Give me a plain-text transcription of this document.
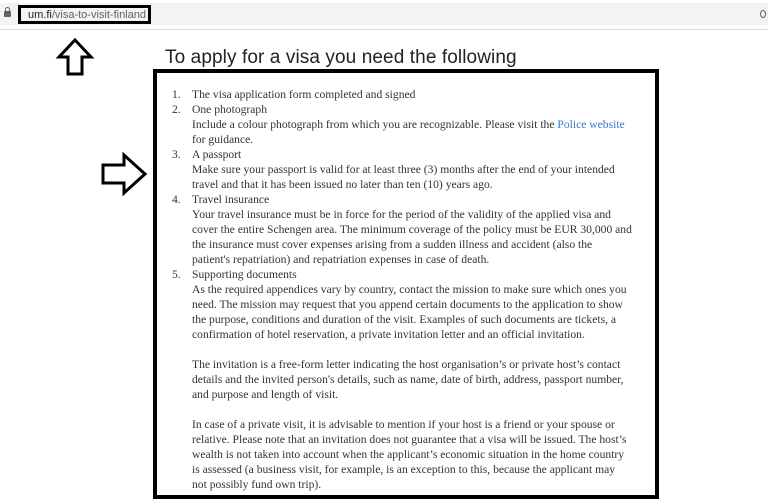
um.fi/visa-to-visit-finland
To apply for a visa you need the following
1. The visa application form completed and signed
2. One photograph
Include a colour photograph from which you are recognizable. Please visit the Police website for guidance.
3. A passport
Make sure your passport is valid for at least three (3) months after the end of your intended travel and that it has been issued no later than ten (10) years ago.
4. Travel insurance
Your travel insurance must be in force for the period of the validity of the applied visa and cover the entire Schengen area. The minimum coverage of the policy must be EUR 30,000 and the insurance must cover expenses arising from a sudden illness and accident (also the patient's repatriation) and repatriation expenses in case of death.
5. Supporting documents
As the required appendices vary by country, contact the mission to make sure which ones you need. The mission may request that you append certain documents to the application to show the purpose, conditions and duration of the visit. Examples of such documents are tickets, a confirmation of hotel reservation, a private invitation letter and an official invitation.
The invitation is a free-form letter indicating the host organisation’s or private host’s contact details and the invited person's details, such as name, date of birth, address, passport number, and purpose and length of visit.
In case of a private visit, it is advisable to mention if your host is a friend or your spouse or relative. Please note that an invitation does not guarantee that a visa will be issued. The host’s wealth is not taken into account when the applicant’s economic situation in the home country is assessed (a business visit, for example, is an exception to this, because the applicant may not possibly fund own trip).
